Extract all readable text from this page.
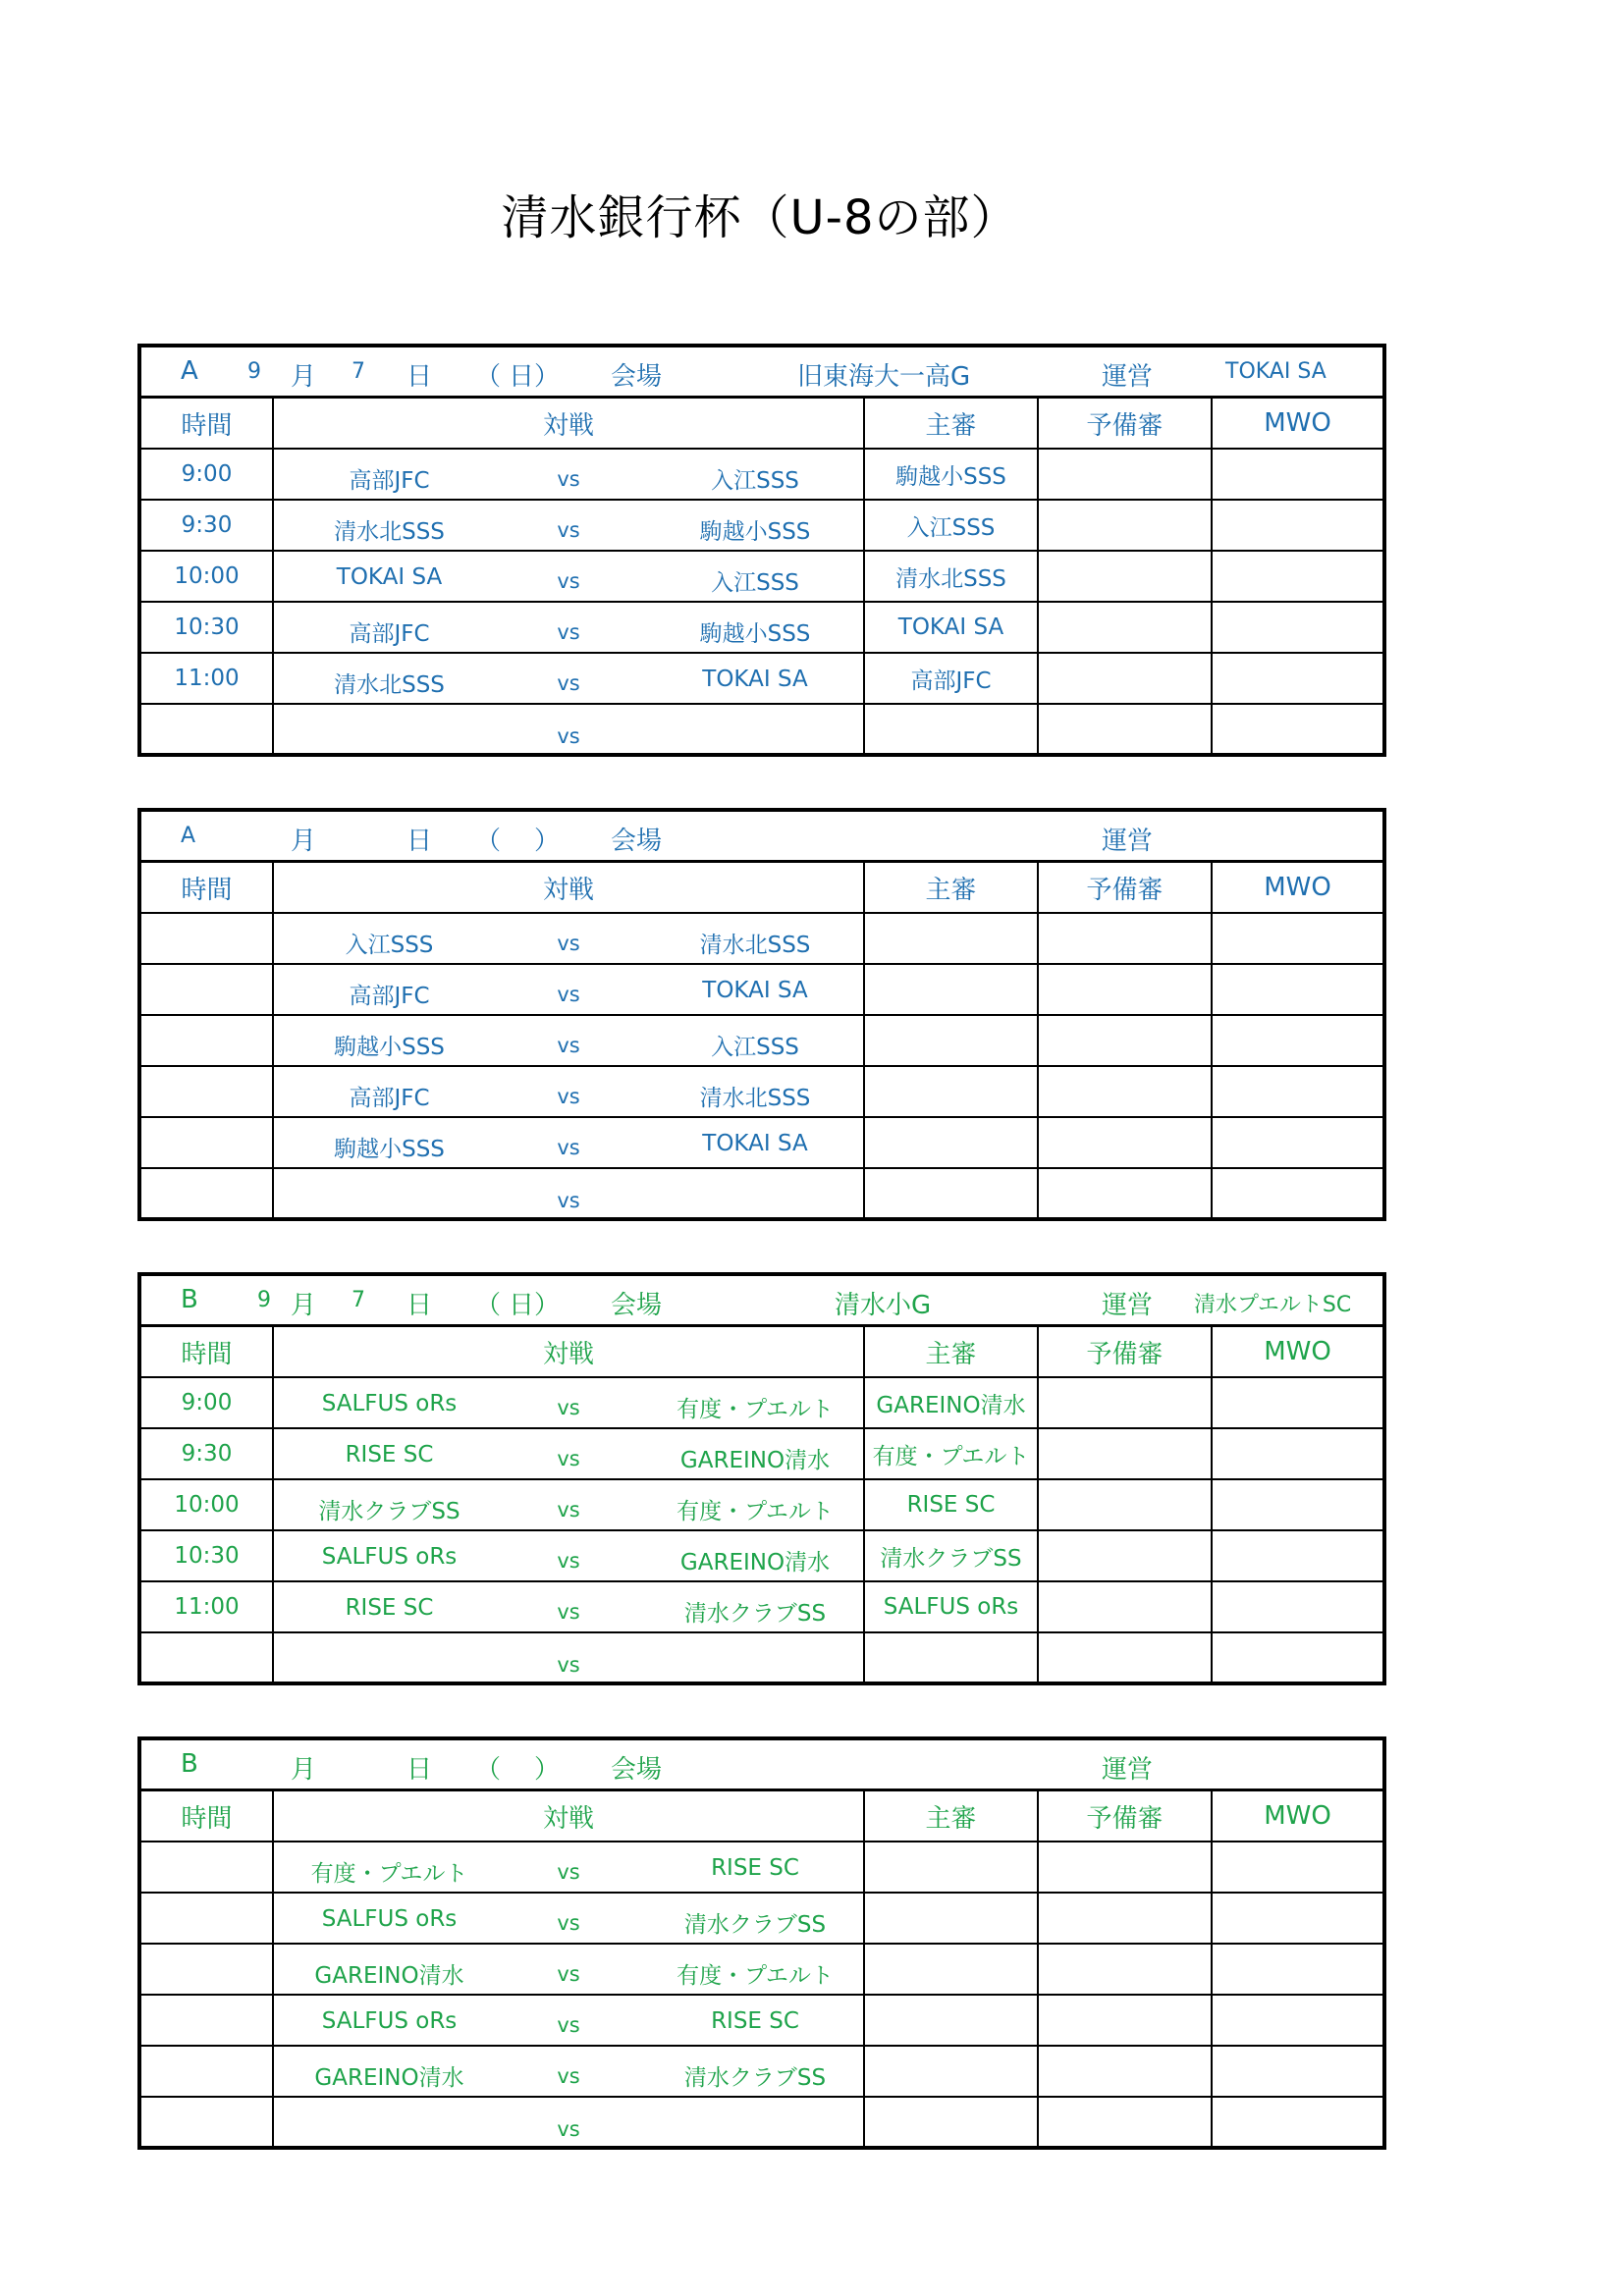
清水銀行杯（U-8の部）
A 9 月 7 日 （ 日 ） 会場	旧東海大一高G	運営	TOKAI SA
時間	対戦	主審	予備審	MWO
9:00	高部JFC vs 入江SSS	駒越小SSS		
9:30	清水北SSS vs 駒越小SSS	入江SSS		
10:00	TOKAI SA vs 入江SSS	清水北SSS		
10:30	高部JFC vs 駒越小SSS	TOKAI SA		
11:00	清水北SSS vs TOKAI SA	高部JFC		

	vs			

A	月	日 （ ） 会場	運営
時間	対戦	主審	予備審	MWO

	入江SSS vs 清水北SSS			

	高部JFC vs TOKAI SA			

	駒越小SSS vs 入江SSS			

	高部JFC vs 清水北SSS			

	駒越小SSS vs TOKAI SA			

	vs			

B	9 月 7 日 （ 日 ） 会場	清水小G	運営 清水プエルトSC
時間	対戦	主審	予備審	MWO
9:00	SALFUS oRs vs 有度・プエルト	GAREINO清水		
9:30	RISE SC vs GAREINO清水	有度・プエルト		
10:00	清水クラブSS vs 有度・プエルト	RISE SC		
10:30	SALFUS oRs vs GAREINO清水	清水クラブSS		
11:00	RISE SC vs 清水クラブSS	SALFUS oRs		

	vs			

B	月	日 （ ） 会場	運営
時間	対戦	主審	予備審	MWO

	有度・プエルト vs RISE SC			

	SALFUS oRs vs 清水クラブSS			

	GAREINO清水 vs 有度・プエルト			

	SALFUS oRs vs RISE SC			

	GAREINO清水 vs 清水クラブSS			

	vs			
